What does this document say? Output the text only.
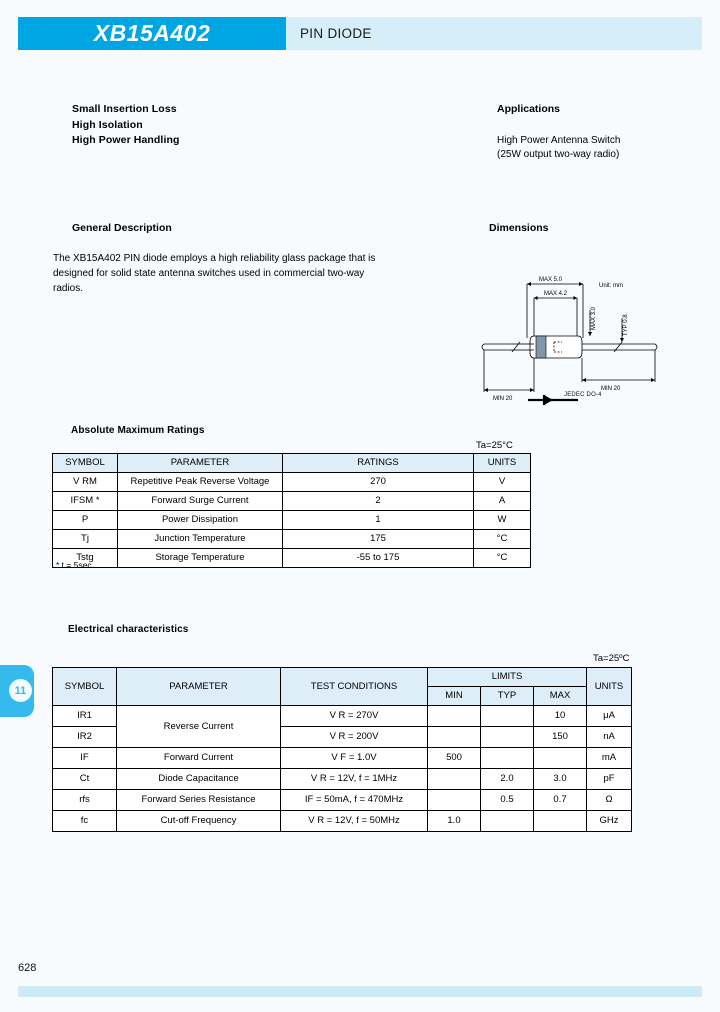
XB15A402	PIN DIODE
Small Insertion Loss
High Isolation
High Power Handling
Applications
High Power Antenna Switch
(25W output two-way radio)
General Description
The XB15A402 PIN diode employs a high reliability glass package that is designed for solid state antenna switches used in commercial two-way radios.
Dimensions
MAX 5.0
MAX 4.2
MAX 3.0	TYP 0.8
MIN 20
MIN 20
Unit: mm
JEDEC DO-4
Absolute Maximum Ratings
Ta=25°C
SYMBOL	PARAMETER	RATINGS	UNITS
V RM	Repetitive Peak Reverse Voltage	270	V
IFSM *	Forward Surge Current	2	A
P	Power Dissipation	1	W
Tj	Junction Temperature	175	°C
Tstg	Storage Temperature	-55 to 175	°C
* t = 5sec
Electrical characteristics
Ta=25ºC
SYMBOL	PARAMETER	TEST CONDITIONS	LIMITS			UNITS
			MIN	TYP	MAX	
IR1	Reverse Current	V R = 270V			10	μA
IR2		V R = 200V			150	nA
IF	Forward Current	V F = 1.0V	500			mA
Ct	Diode Capacitance	V R = 12V, f = 1MHz		2.0	3.0	pF
rfs	Forward Series Resistance	IF = 50mA, f = 470MHz		0.5	0.7	Ω
fc	Cut-off Frequency	V R = 12V, f = 50MHz	1.0			GHz
11
628
